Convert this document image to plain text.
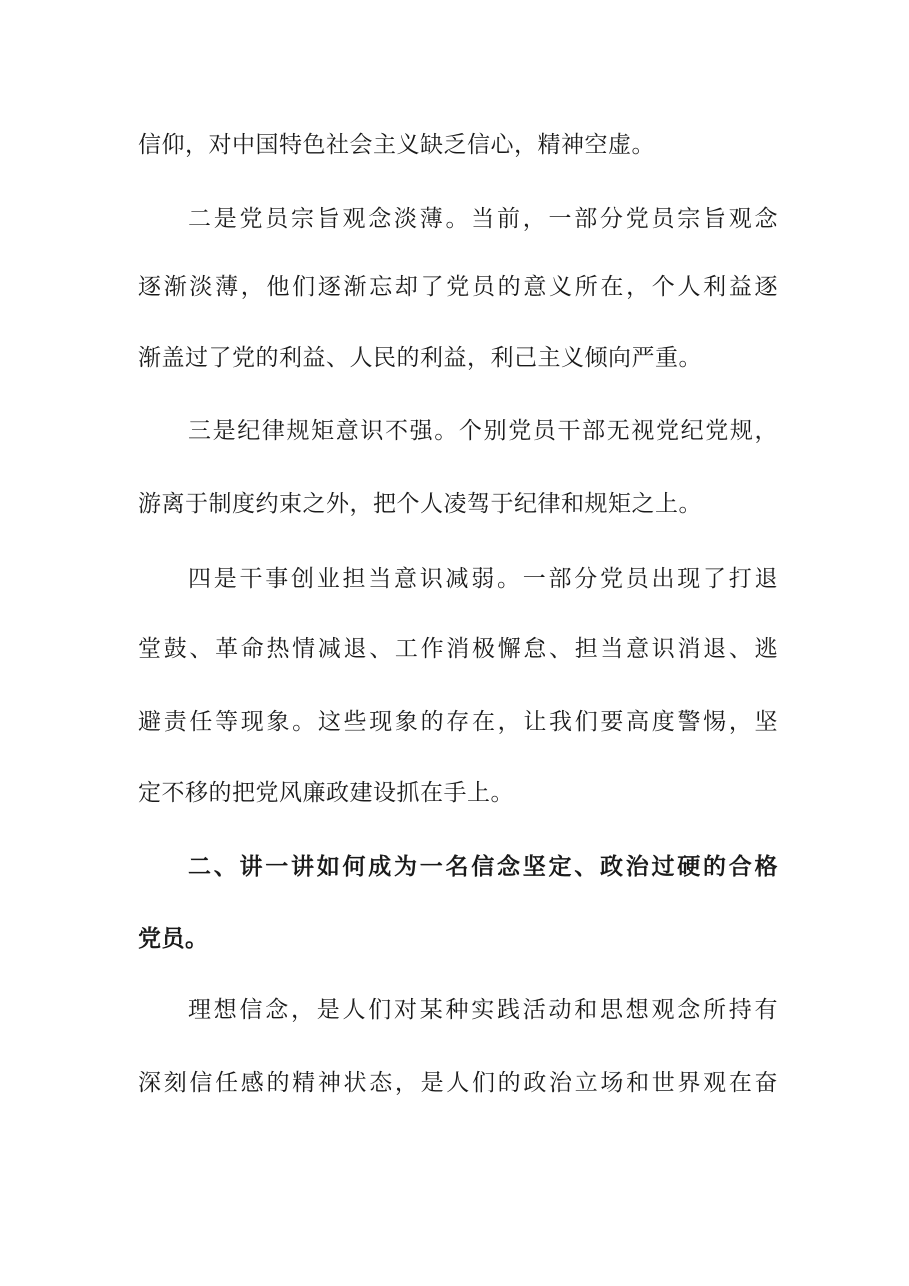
信仰，对中国特色社会主义缺乏信心，精神空虚。
二是党员宗旨观念淡薄。当前，一部分党员宗旨观念
逐渐淡薄，他们逐渐忘却了党员的意义所在，个人利益逐
渐盖过了党的利益、人民的利益，利己主义倾向严重。
三是纪律规矩意识不强。个别党员干部无视党纪党规，
游离于制度约束之外，把个人凌驾于纪律和规矩之上。
四是干事创业担当意识减弱。一部分党员出现了打退
堂鼓、革命热情减退、工作消极懈怠、担当意识消退、逃
避责任等现象。这些现象的存在，让我们要高度警惕，坚
定不移的把党风廉政建设抓在手上。
二、讲一讲如何成为一名信念坚定、政治过硬的合格
党员。
理想信念，是人们对某种实践活动和思想观念所持有
深刻信任感的精神状态，是人们的政治立场和世界观在奋
